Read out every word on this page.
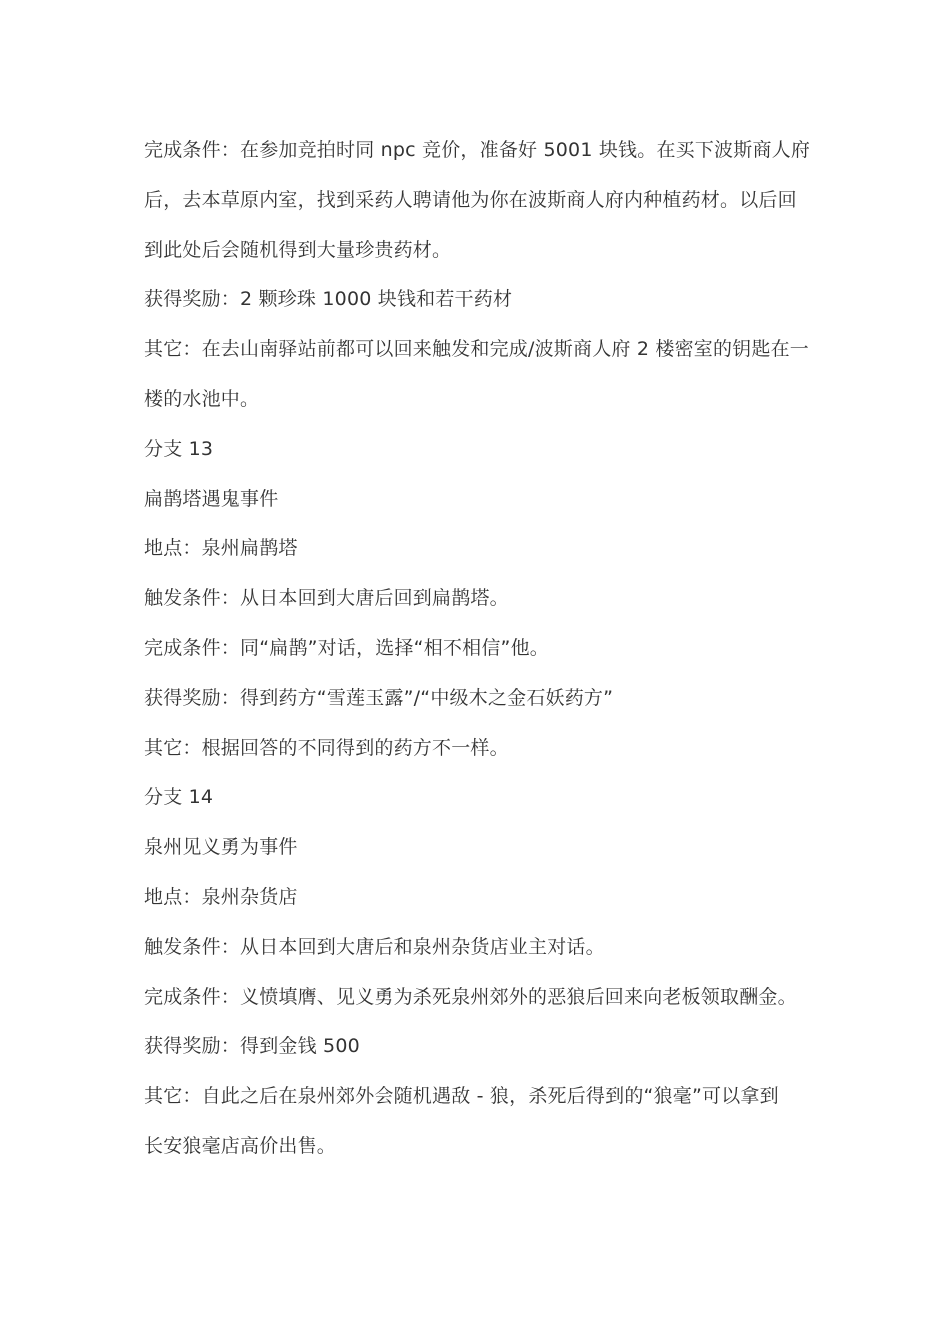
完成条件：在参加竞拍时同 npc 竞价，准备好 5001 块钱。在买下波斯商人府
后，去本草原内室，找到采药人聘请他为你在波斯商人府内种植药材。以后回
到此处后会随机得到大量珍贵药材。
获得奖励：2 颗珍珠 1000 块钱和若干药材
其它：在去山南驿站前都可以回来触发和完成/波斯商人府 2 楼密室的钥匙在一
楼的水池中。
分支 13
扁鹊塔遇鬼事件
地点：泉州扁鹊塔
触发条件：从日本回到大唐后回到扁鹊塔。
完成条件：同“扁鹊”对话，选择“相不相信”他。
获得奖励：得到药方“雪莲玉露”/“中级木之金石妖药方”
其它：根据回答的不同得到的药方不一样。
分支 14
泉州见义勇为事件
地点：泉州杂货店
触发条件：从日本回到大唐后和泉州杂货店业主对话。
完成条件：义愤填膺、见义勇为杀死泉州郊外的恶狼后回来向老板领取酬金。
获得奖励：得到金钱 500
其它：自此之后在泉州郊外会随机遇敌 - 狼，杀死后得到的“狼毫”可以拿到
长安狼毫店高价出售。
